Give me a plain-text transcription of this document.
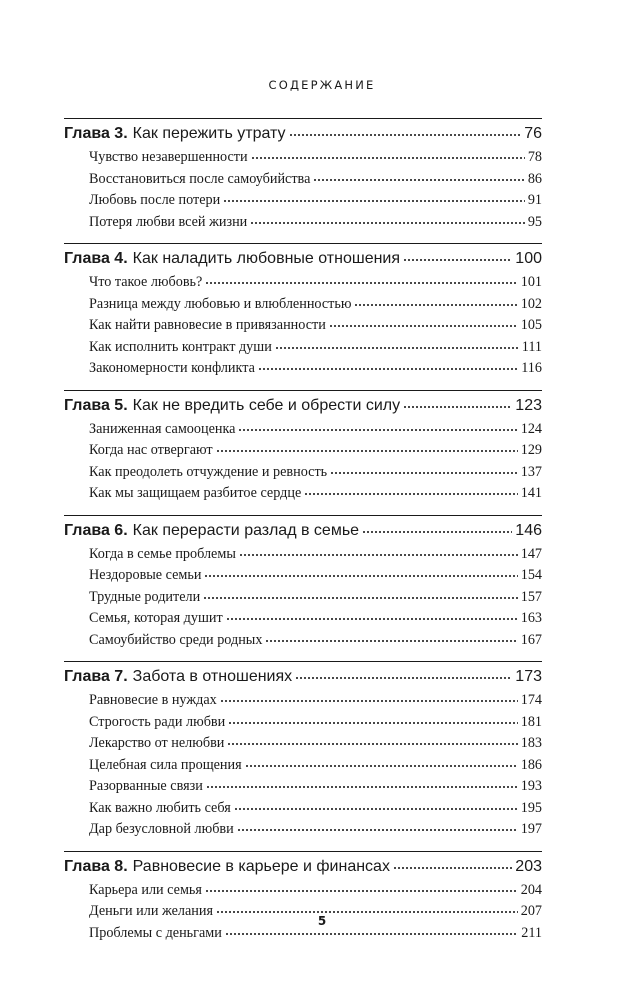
СОДЕРЖАНИЕ
Глава 3. Как пережить утрату	76
Чувство незавершенности	78
Восстановиться после самоубийства	86
Любовь после потери	91
Потеря любви всей жизни	95
Глава 4. Как наладить любовные отношения	100
Что такое любовь?	101
Разница между любовью и влюбленностью	102
Как найти равновесие в привязанности	105
Как исполнить контракт души	111
Закономерности конфликта	116
Глава 5. Как не вредить себе и обрести силу	123
Заниженная самооценка	124
Когда нас отвергают	129
Как преодолеть отчуждение и ревность	137
Как мы защищаем разбитое сердце	141
Глава 6. Как перерасти разлад в семье	146
Когда в семье проблемы	147
Нездоровые семьи	154
Трудные родители	157
Семья, которая душит	163
Самоубийство среди родных	167
Глава 7. Забота в отношениях	173
Равновесие в нуждах	174
Строгость ради любви	181
Лекарство от нелюбви	183
Целебная сила прощения	186
Разорванные связи	193
Как важно любить себя	195
Дар безусловной любви	197
Глава 8. Равновесие в карьере и финансах	203
Карьера или семья	204
Деньги или желания	207
Проблемы с деньгами	211
5
